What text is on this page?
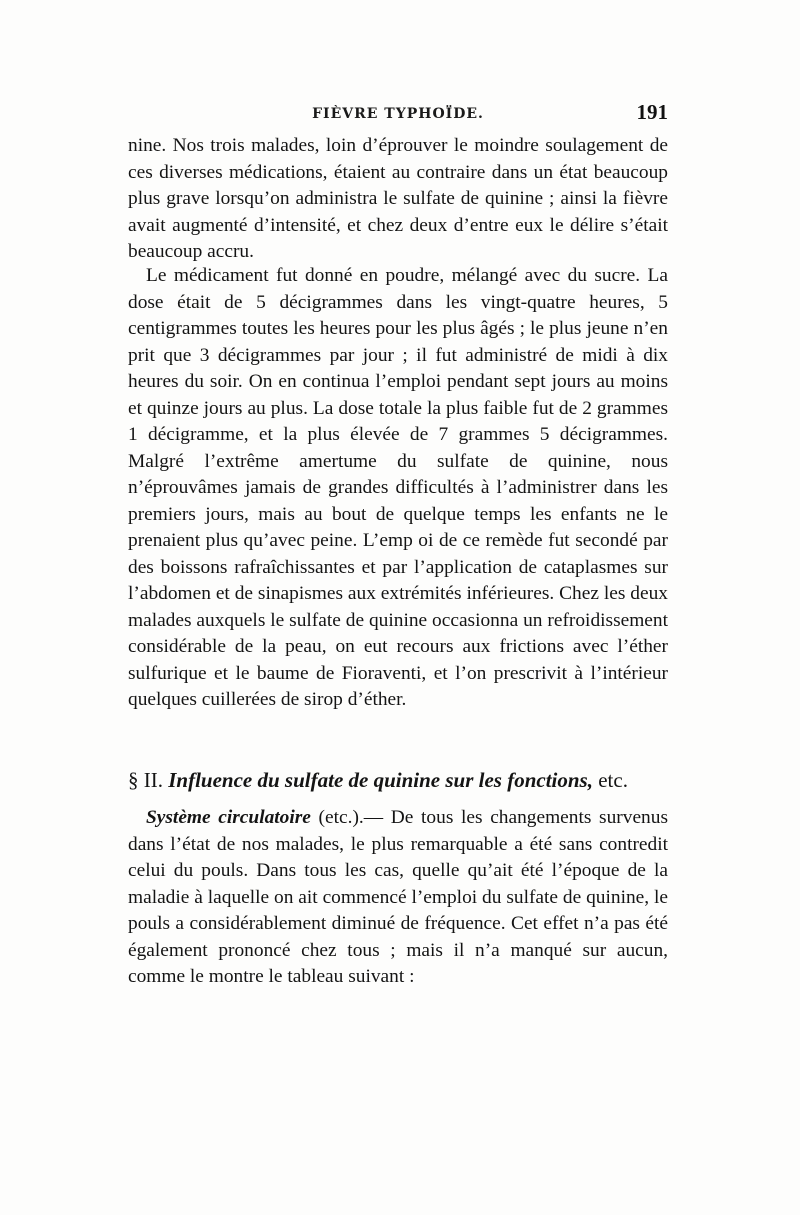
FIÈVRE TYPHOÏDE.	191

nine. Nos trois malades, loin d’éprouver le moindre soulagement de ces diverses médications, étaient au contraire dans un état beaucoup plus grave lorsqu’on administra le sulfate de quinine ; ainsi la fièvre avait augmenté d’intensité, et chez deux d’entre eux le délire s’était beaucoup accru.

Le médicament fut donné en poudre, mélangé avec du sucre. La dose était de 5 décigrammes dans les vingt-quatre heures, 5 centigrammes toutes les heures pour les plus âgés ; le plus jeune n’en prit que 3 décigrammes par jour ; il fut administré de midi à dix heures du soir. On en continua l’emploi pendant sept jours au moins et quinze jours au plus. La dose totale la plus faible fut de 2 grammes 1 décigramme, et la plus élevée de 7 grammes 5 décigrammes. Malgré l’extrême amertume du sulfate de quinine, nous n’éprouvâmes jamais de grandes difficultés à l’administrer dans les premiers jours, mais au bout de quelque temps les enfants ne le prenaient plus qu’avec peine. L’emp oi de ce remède fut secondé par des boissons rafraîchissantes et par l’application de cataplasmes sur l’abdomen et de sinapismes aux extrémités inférieures. Chez les deux malades auxquels le sulfate de quinine occasionna un refroidissement considérable de la peau, on eut recours aux frictions avec l’éther sulfurique et le baume de Fioraventi, et l’on prescrivit à l’intérieur quelques cuillerées de sirop d’éther.

§ II. Influence du sulfate de quinine sur les fonctions, etc.

Système circulatoire (etc.).— De tous les changements survenus dans l’état de nos malades, le plus remarquable a été sans contredit celui du pouls. Dans tous les cas, quelle qu’ait été l’époque de la maladie à laquelle on ait commencé l’emploi du sulfate de quinine, le pouls a considérablement diminué de fréquence. Cet effet n’a pas été également prononcé chez tous ; mais il n’a manqué sur aucun, comme le montre le tableau suivant :
